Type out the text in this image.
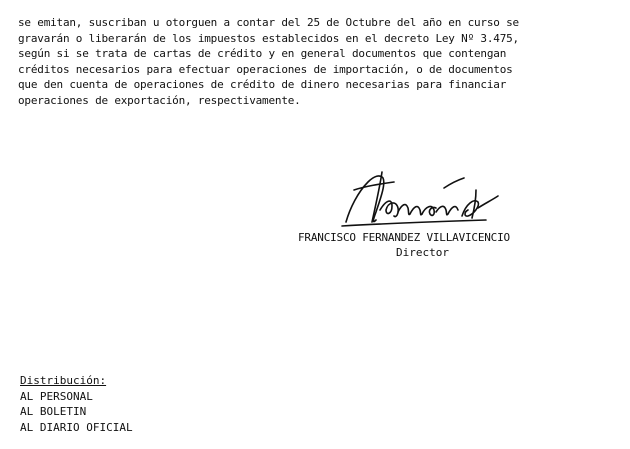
se emitan, suscriban u otorguen a contar del 25 de Octubre del año en curso se
gravarán o liberarán de los impuestos establecidos en el decreto Ley Nº 3.475,
según si se trata de cartas de crédito y en general documentos que contengan
créditos necesarios para efectuar operaciones de importación, o de documentos
que den cuenta de operaciones de crédito de dinero necesarias para financiar
operaciones de exportación, respectivamente.
FRANCISCO FERNANDEZ VILLAVICENCIO
Director
Distribución:
AL PERSONAL
AL BOLETIN
AL DIARIO OFICIAL
